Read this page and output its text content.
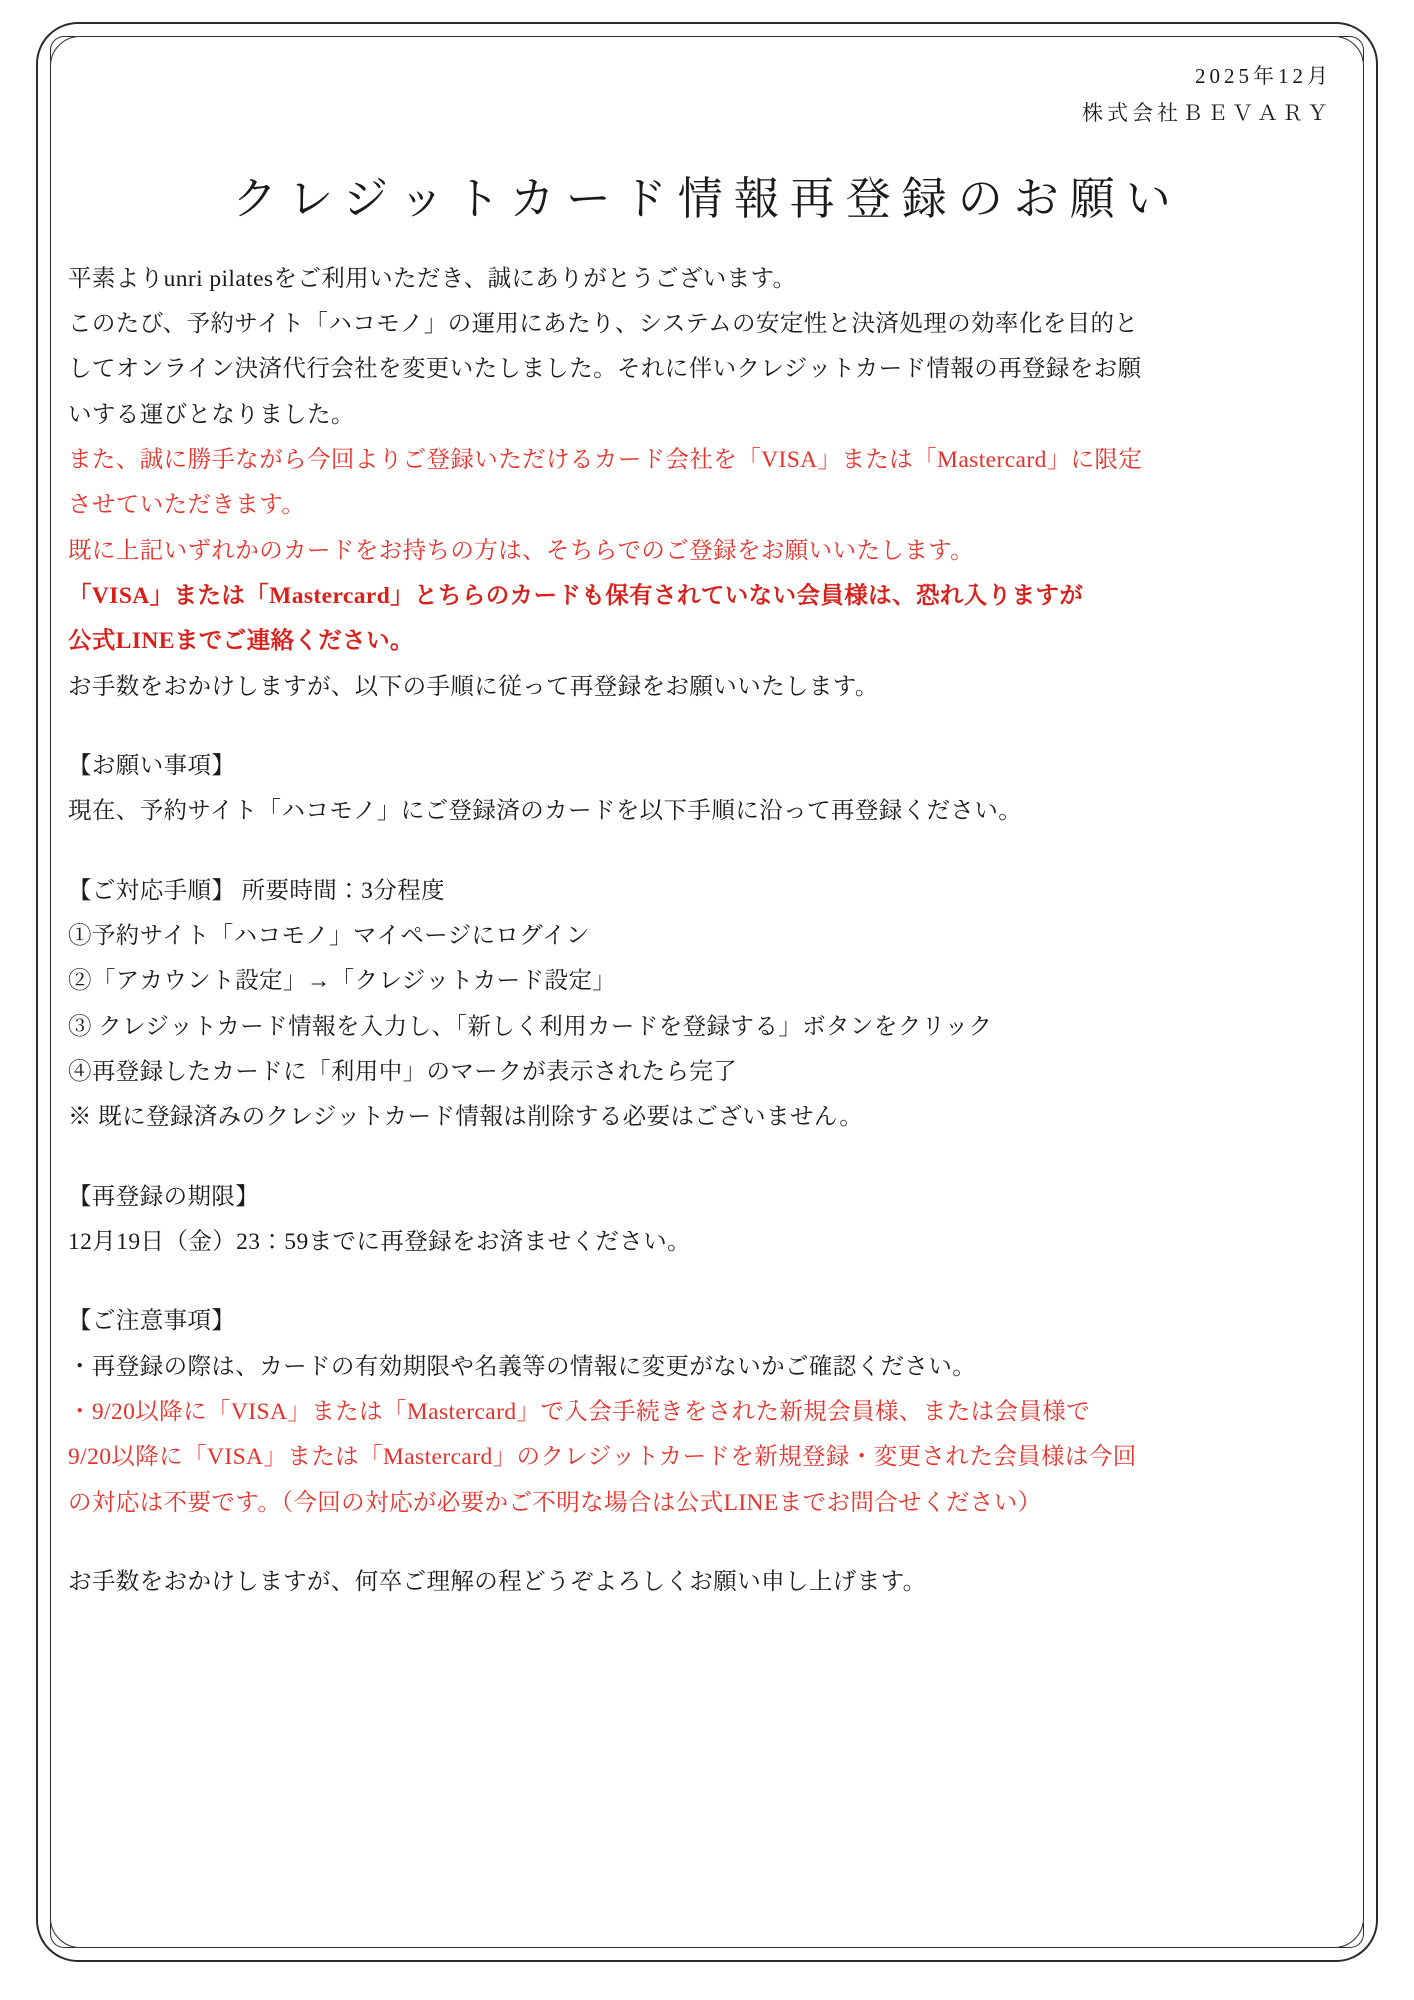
2025年12月
株式会社ＢＥＶＡＲＹ
クレジットカード情報再登録のお願い
平素よりunri pilatesをご利用いただき、誠にありがとうございます。
このたび、予約サイト「ハコモノ」の運用にあたり、システムの安定性と決済処理の効率化を目的と
してオンライン決済代行会社を変更いたしました。それに伴いクレジットカード情報の再登録をお願
いする運びとなりました。
また、誠に勝手ながら今回よりご登録いただけるカード会社を「VISA」または「Mastercard」に限定
させていただきます。
既に上記いずれかのカードをお持ちの方は、そちらでのご登録をお願いいたします。
「VISA」または「Mastercard」とちらのカードも保有されていない会員様は、恐れ入りますが
公式LINEまでご連絡ください。
お手数をおかけしますが、以下の手順に従って再登録をお願いいたします。
【お願い事項】
現在、予約サイト「ハコモノ」にご登録済のカードを以下手順に沿って再登録ください。
【ご対応手順】 所要時間：3分程度
①予約サイト「ハコモノ」マイページにログイン
②「アカウント設定」→「クレジットカード設定」
③ クレジットカード情報を入力し、「新しく利用カードを登録する」ボタンをクリック
④再登録したカードに「利用中」のマークが表示されたら完了
※ 既に登録済みのクレジットカード情報は削除する必要はございません。
【再登録の期限】
12月19日（金）23：59までに再登録をお済ませください。
【ご注意事項】
・再登録の際は、カードの有効期限や名義等の情報に変更がないかご確認ください。
・9/20以降に「VISA」または「Mastercard」で入会手続きをされた新規会員様、または会員様で
9/20以降に「VISA」または「Mastercard」のクレジットカードを新規登録・変更された会員様は今回
の対応は不要です。（今回の対応が必要かご不明な場合は公式LINEまでお問合せください）
お手数をおかけしますが、何卒ご理解の程どうぞよろしくお願い申し上げます。
